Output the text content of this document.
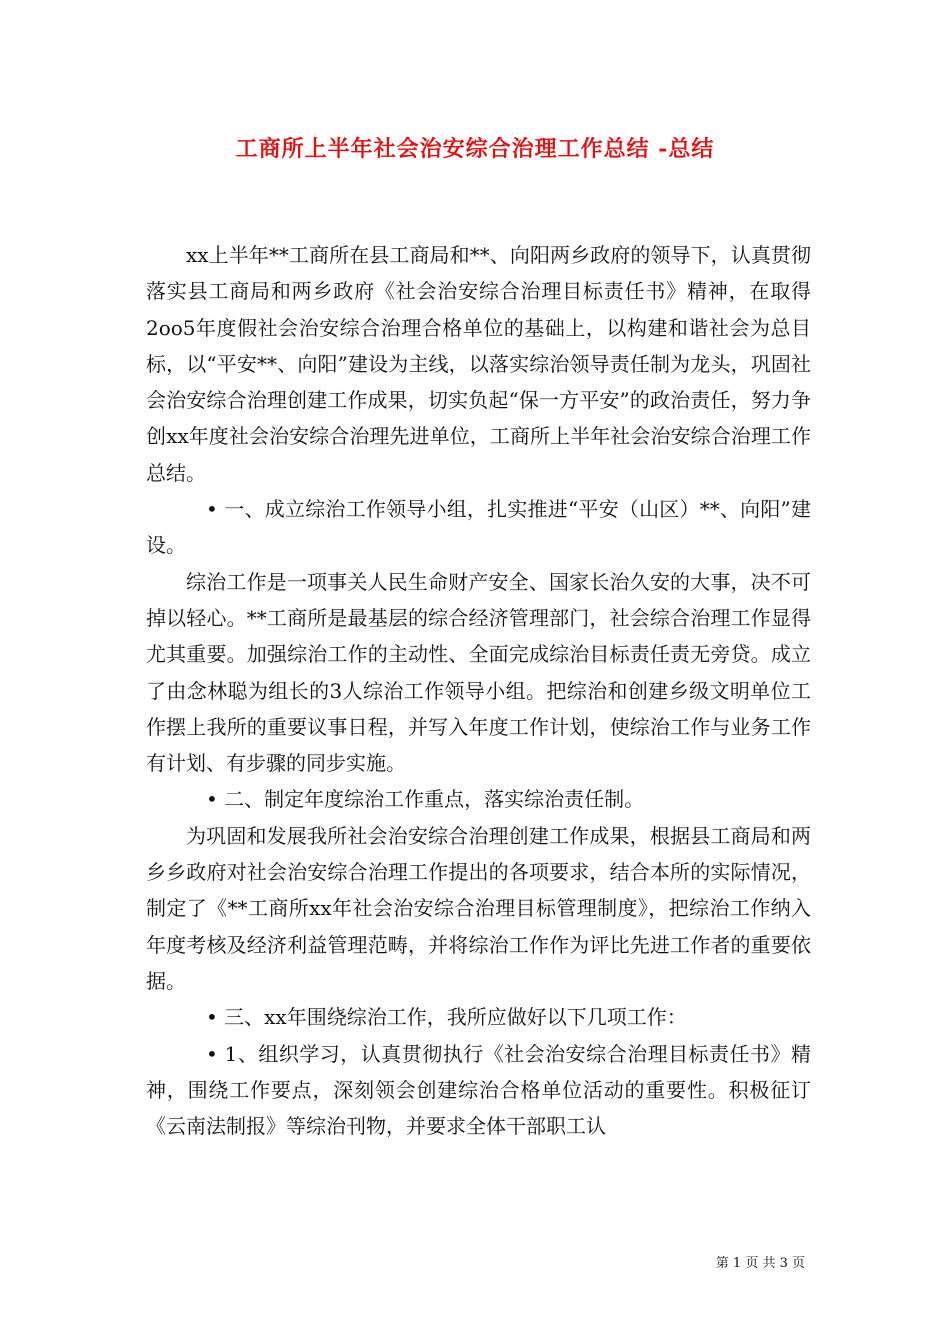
工商所上半年社会治安综合治理工作总结 -总结

xx上半年**工商所在县工商局和**、向阳两乡政府的领导下，认真贯彻落实县工商局和两乡政府《社会治安综合治理目标责任书》精神，在取得2oo5年度假社会治安综合治理合格单位的基础上，以构建和谐社会为总目标，以“平安**、向阳”建设为主线，以落实综治领导责任制为龙头，巩固社会治安综合治理创建工作成果，切实负起“保一方平安”的政治责任，努力争创xx年度社会治安综合治理先进单位，工商所上半年社会治安综合治理工作总结。

• 一、成立综治工作领导小组，扎实推进“平安（山区）**、向阳”建设。

综治工作是一项事关人民生命财产安全、国家长治久安的大事，决不可掉以轻心。**工商所是最基层的综合经济管理部门，社会综合治理工作显得尤其重要。加强综治工作的主动性、全面完成综治目标责任责无旁贷。成立了由念林聪为组长的3人综治工作领导小组。把综治和创建乡级文明单位工作摆上我所的重要议事日程，并写入年度工作计划，使综治工作与业务工作有计划、有步骤的同步实施。

• 二、制定年度综治工作重点，落实综治责任制。

为巩固和发展我所社会治安综合治理创建工作成果，根据县工商局和两乡乡政府对社会治安综合治理工作提出的各项要求，结合本所的实际情况，制定了《**工商所xx年社会治安综合治理目标管理制度》，把综治工作纳入年度考核及经济利益管理范畴，并将综治工作作为评比先进工作者的重要依据。

• 三、xx年围绕综治工作，我所应做好以下几项工作：

• 1、组织学习，认真贯彻执行《社会治安综合治理目标责任书》精神，围绕工作要点，深刻领会创建综治合格单位活动的重要性。积极征订《云南法制报》等综治刊物，并要求全体干部职工认

第 1 页 共 3 页
